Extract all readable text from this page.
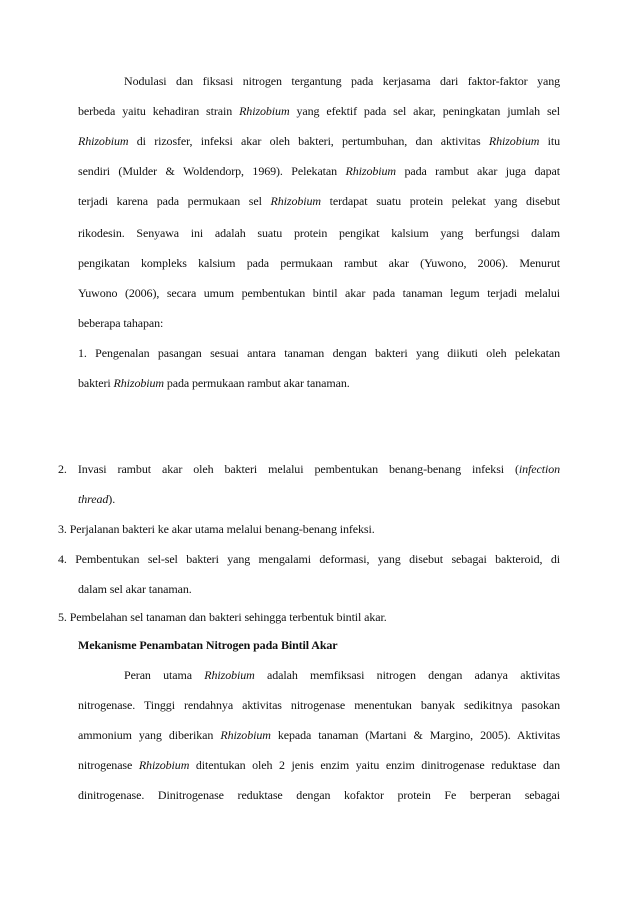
Nodulasi dan fiksasi nitrogen tergantung pada kerjasama dari faktor-faktor yang
berbeda yaitu kehadiran strain Rhizobium yang efektif pada sel akar, peningkatan jumlah sel
Rhizobium di rizosfer, infeksi akar oleh bakteri, pertumbuhan, dan aktivitas Rhizobium itu
sendiri (Mulder & Woldendorp, 1969). Pelekatan Rhizobium pada rambut akar juga dapat
terjadi karena pada permukaan sel Rhizobium terdapat suatu protein pelekat yang disebut
rikodesin. Senyawa ini adalah suatu protein pengikat kalsium yang berfungsi dalam
pengikatan kompleks kalsium pada permukaan rambut akar (Yuwono, 2006). Menurut
Yuwono (2006), secara umum pembentukan bintil akar pada tanaman legum terjadi melalui
beberapa tahapan:
1. Pengenalan pasangan sesuai antara tanaman dengan bakteri yang diikuti oleh pelekatan
bakteri Rhizobium pada permukaan rambut akar tanaman.
2. Invasi rambut akar oleh bakteri melalui pembentukan benang-benang infeksi (infection
thread).
3. Perjalanan bakteri ke akar utama melalui benang-benang infeksi.
4. Pembentukan sel-sel bakteri yang mengalami deformasi, yang disebut sebagai bakteroid, di
dalam sel akar tanaman.
5. Pembelahan sel tanaman dan bakteri sehingga terbentuk bintil akar.
Mekanisme Penambatan Nitrogen pada Bintil Akar
Peran utama Rhizobium adalah memfiksasi nitrogen dengan adanya aktivitas
nitrogenase. Tinggi rendahnya aktivitas nitrogenase menentukan banyak sedikitnya pasokan
ammonium yang diberikan Rhizobium kepada tanaman (Martani & Margino, 2005). Aktivitas
nitrogenase Rhizobium ditentukan oleh 2 jenis enzim yaitu enzim dinitrogenase reduktase dan
dinitrogenase. Dinitrogenase reduktase dengan kofaktor protein Fe berperan sebagai
